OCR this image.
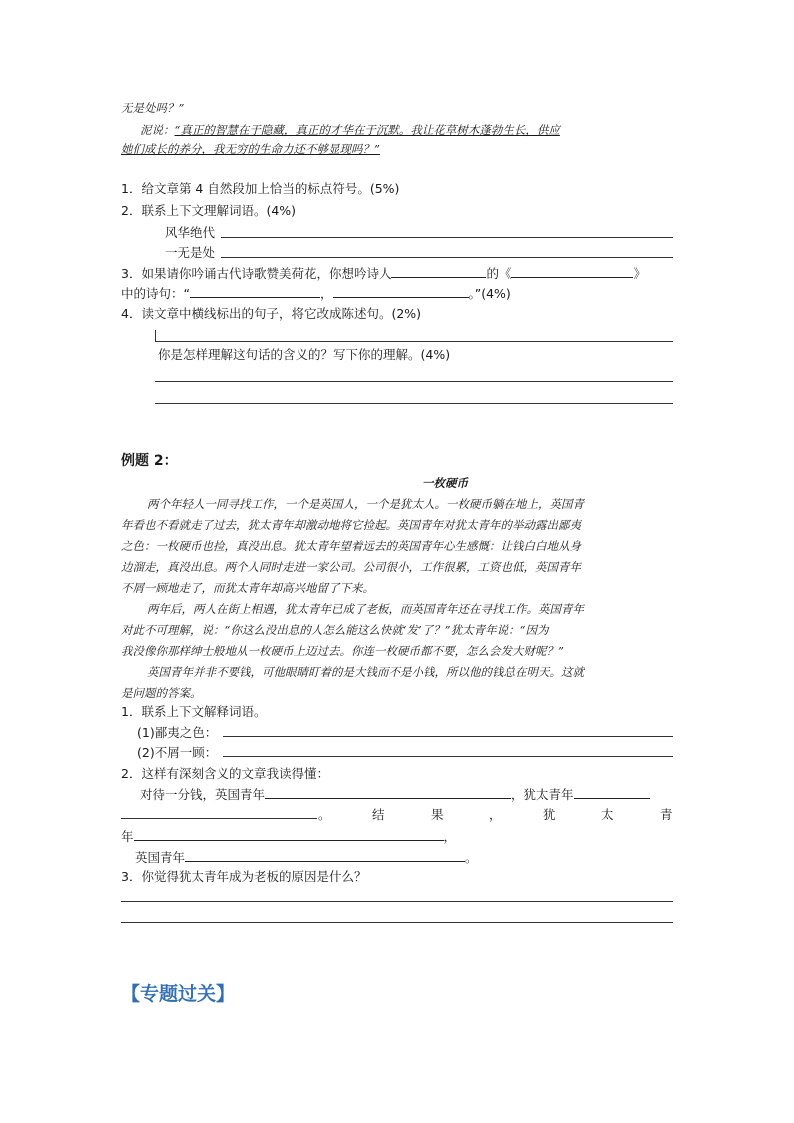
无是处吗？”
泥说：“真正的智慧在于隐藏，真正的才华在于沉默。我让花草树木蓬勃生长，供应
她们成长的养分，我无穷的生命力还不够显现吗？”
1．给文章第 4 自然段加上恰当的标点符号。(5%)
2．联系上下文理解词语。(4%)
风华绝代
一无是处
3．如果请你吟诵古代诗歌赞美荷花，你想吟诗人	的《	》
中的诗句：“	，	。”(4%)
4．读文章中横线标出的句子，将它改成陈述句。(2%)
你是怎样理解这句话的含义的？写下你的理解。(4%)
例题 2：
一枚硬币
两个年轻人一同寻找工作，一个是英国人，一个是犹太人。一枚硬币躺在地上，英国青
年看也不看就走了过去，犹太青年却激动地将它捡起。英国青年对犹太青年的举动露出鄙夷
之色：一枚硬币也捡，真没出息。犹太青年望着远去的英国青年心生感慨：让钱白白地从身
边溜走，真没出息。两个人同时走进一家公司。公司很小，工作很累，工资也低，英国青年
不屑一顾地走了，而犹太青年却高兴地留了下来。
两年后，两人在街上相遇，犹太青年已成了老板，而英国青年还在寻找工作。英国青年
对此不可理解，说：“你这么没出息的人怎么能这么快就‘发’了？”犹太青年说：“因为
我没像你那样绅士般地从一枚硬币上迈过去。你连一枚硬币都不要，怎么会发大财呢？”
英国青年并非不要钱，可他眼睛盯着的是大钱而不是小钱，所以他的钱总在明天。这就
是问题的答案。
1．联系上下文解释词语。
(1)鄙夷之色：
(2)不屑一顾：
2．这样有深刻含义的文章我读得懂：
对待一分钱，英国青年	，犹太青年
。	结	果	，	犹	太	青
年	，
英国青年	。
3．你觉得犹太青年成为老板的原因是什么？
【专题过关】
